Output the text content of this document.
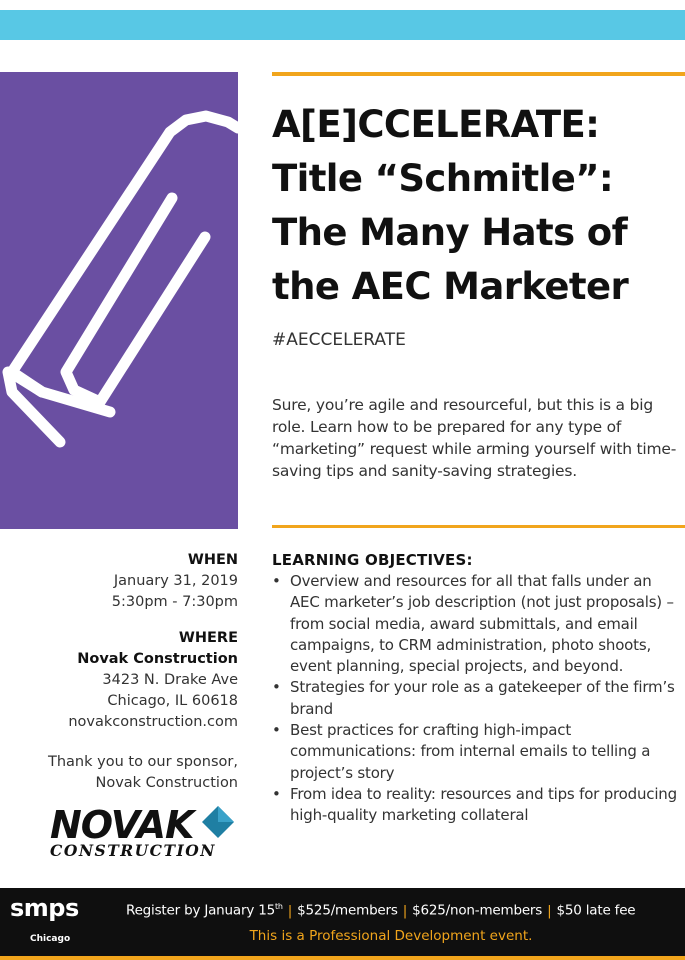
A[E]CCELERATE:
Title “Schmitle”:
The Many Hats of
the AEC Marketer
#AECCELERATE

Sure, you’re agile and resourceful, but this is a big role. Learn how to be prepared for any type of “marketing” request while arming yourself with time-saving tips and sanity-saving strategies.

WHEN
January 31, 2019
5:30pm - 7:30pm
WHERE
Novak Construction
3423 N. Drake Ave
Chicago, IL 60618
novakconstruction.com
Thank you to our sponsor,
Novak Construction
NOVAK
CONSTRUCTION
LEARNING OBJECTIVES:
• Overview and resources for all that falls under an AEC marketer’s job description (not just proposals) – from social media, award submittals, and email campaigns, to CRM administration, photo shoots, event planning, special projects, and beyond.
• Strategies for your role as a gatekeeper of the firm’s brand
• Best practices for crafting high-impact communications: from internal emails to telling a project’s story
• From idea to reality: resources and tips for producing high-quality marketing collateral
smps
Chicago
Register by January 15th | $525/members | $625/non-members | $50 late fee
This is a Professional Development event.
